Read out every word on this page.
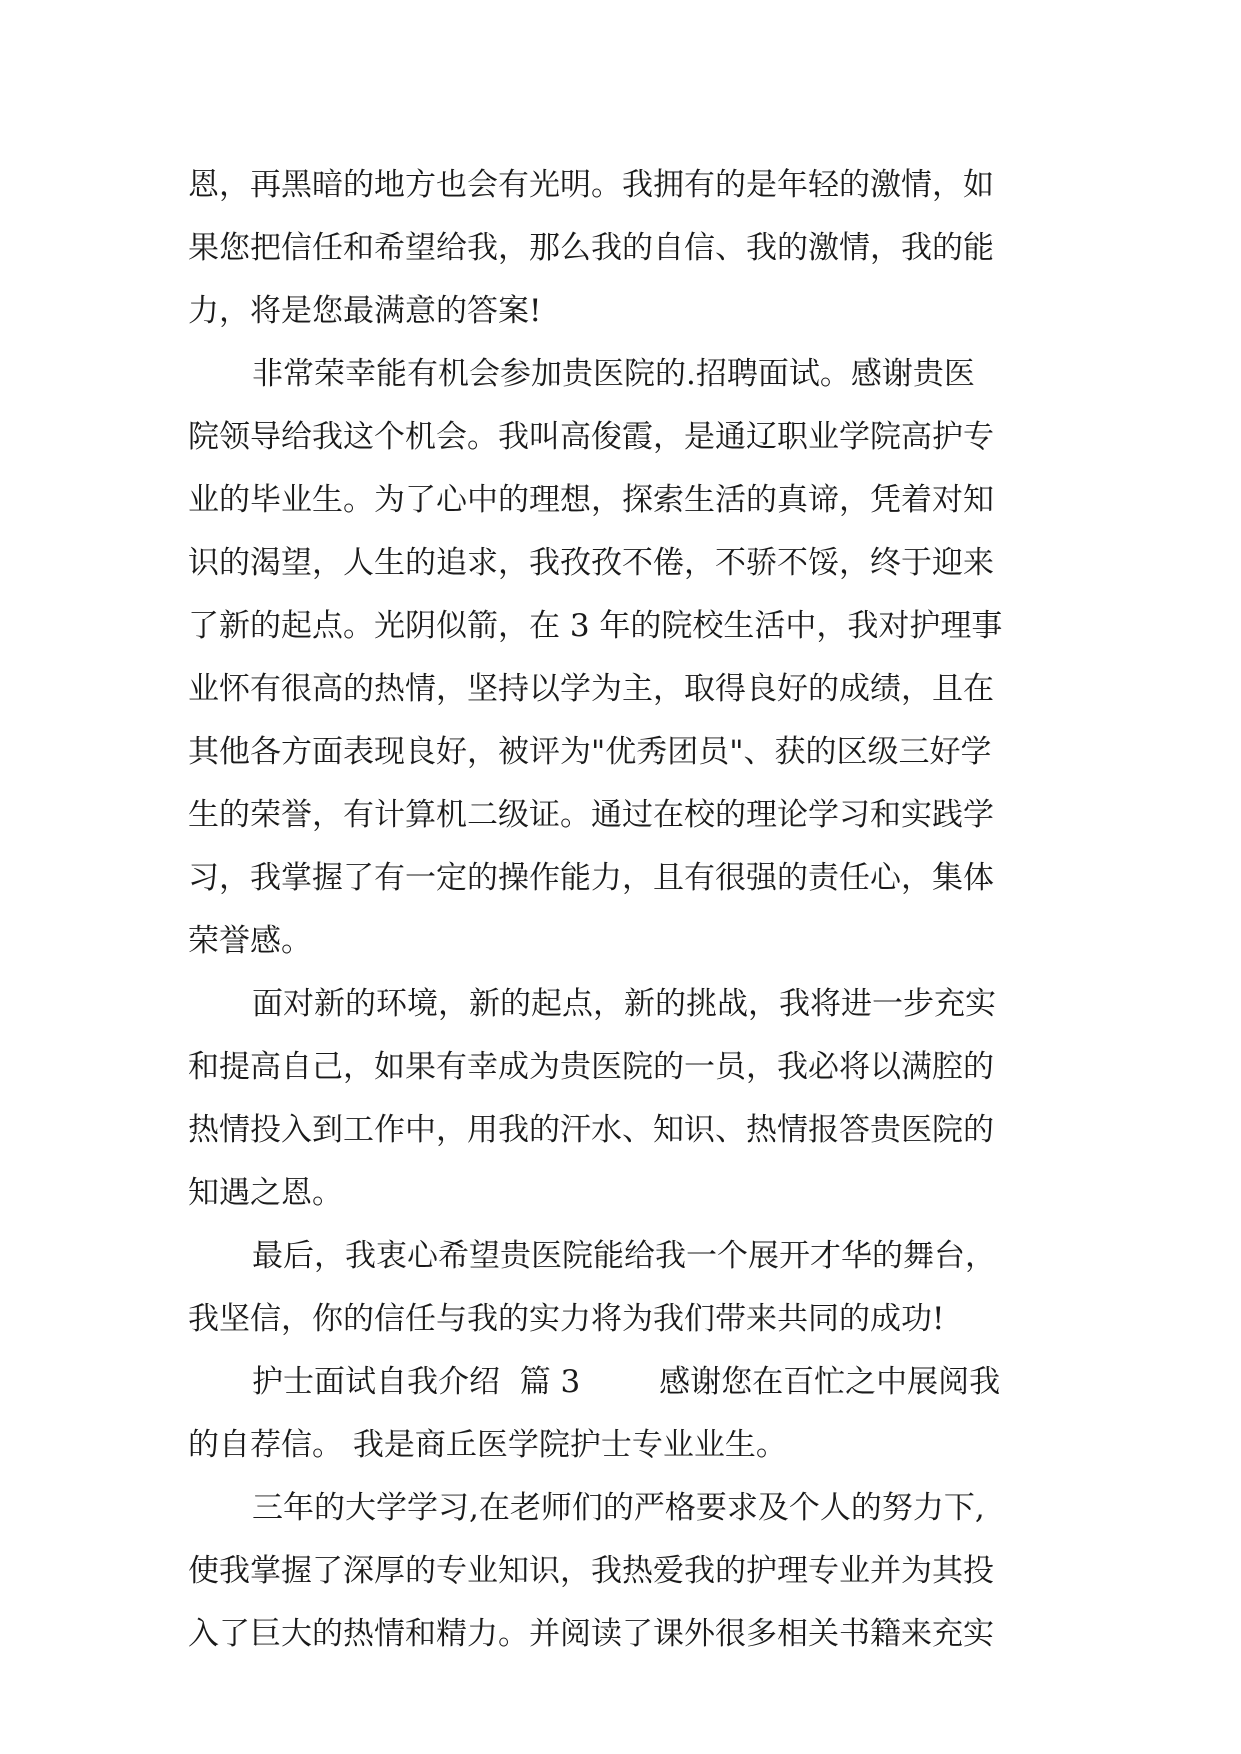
恩，再黑暗的地方也会有光明。我拥有的是年轻的激情，如
果您把信任和希望给我，那么我的自信、我的激情，我的能
力，将是您最满意的答案!
非常荣幸能有机会参加贵医院的.招聘面试。感谢贵医
院领导给我这个机会。我叫高俊霞，是通辽职业学院高护专
业的毕业生。为了心中的理想，探索生活的真谛，凭着对知
识的渴望，人生的追求，我孜孜不倦，不骄不馁，终于迎来
了新的起点。光阴似箭，在 3 年的院校生活中，我对护理事
业怀有很高的热情，坚持以学为主，取得良好的成绩，且在
其他各方面表现良好，被评为"优秀团员"、获的区级三好学
生的荣誉，有计算机二级证。通过在校的理论学习和实践学
习，我掌握了有一定的操作能力，且有很强的责任心，集体
荣誉感。
面对新的环境，新的起点，新的挑战，我将进一步充实
和提高自己，如果有幸成为贵医院的一员，我必将以满腔的
热情投入到工作中，用我的汗水、知识、热情报答贵医院的
知遇之恩。
最后，我衷心希望贵医院能给我一个展开才华的舞台，
我坚信，你的信任与我的实力将为我们带来共同的成功!
护士面试自我介绍  篇 3        感谢您在百忙之中展阅我
的自荐信。 我是商丘医学院护士专业业生。
三年的大学学习,在老师们的严格要求及个人的努力下,
使我掌握了深厚的专业知识，我热爱我的护理专业并为其投
入了巨大的热情和精力。并阅读了课外很多相关书籍来充实
